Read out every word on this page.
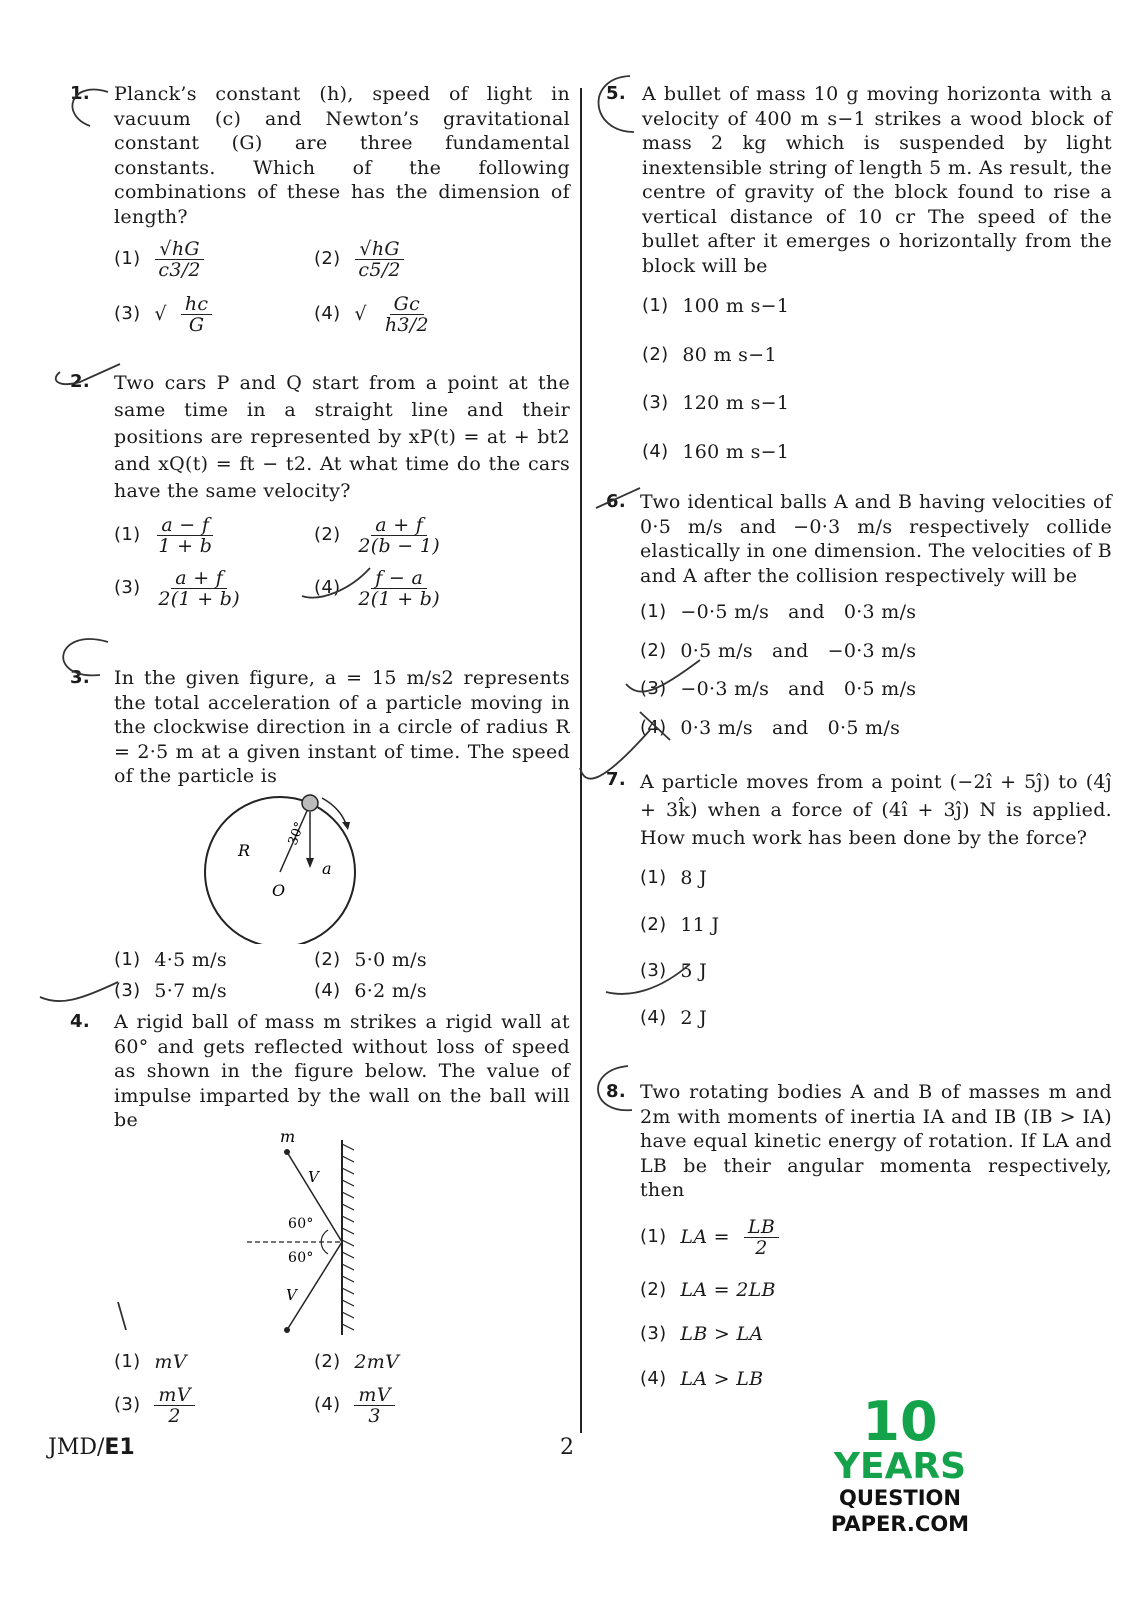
1. Planck’s constant (h), speed of light in vacuum (c) and Newton’s gravitational constant (G) are three fundamental constants. Which of the following combinations of these has the dimension of length?
$(1) \frac{√hG}{c3/2}$	$(2) \frac{√hG}{c5/2}$
(3) √ $\frac{hc}{G}$	(4) √ $\frac{Gc}{h3/2}$
2. Two cars P and Q start from a point at the same time in a straight line and their positions are represented by xP(t) = at + bt2 and xQ(t) = ft − t2. At what time do the cars have the same velocity?
$(1) \frac{a - f}{1 + b}$	$(2) \frac{a + f}{2(b - 1)}$
$(3) \frac{a + f}{2(1 + b)}$	$(4) \frac{f - a}{2(1 + b)}$
3. In the given figure, a = 15 m/s2 represents the total acceleration of a particle moving in the clockwise direction in a circle of radius R = 2·5 m at a given instant of time. The speed of the particle is
R
O
a
30°
(1) 4·5 m/s	(2) 5·0 m/s
(3) 5·7 m/s	(4) 6·2 m/s
4. A rigid ball of mass m strikes a rigid wall at 60° and gets reflected without loss of speed as shown in the figure below. The value of impulse imparted by the wall on the ball will be
m
V
V
60°
60°
(1) mV	(2) 2mV
$(3) \frac{mV}{2}$	$(4) \frac{mV}{3}$
5. A bullet of mass 10 g moving horizonta with a velocity of 400 m s−1 strikes a wood block of mass 2 kg which is suspended by light inextensible string of length 5 m. As result, the centre of gravity of the block found to rise a vertical distance of 10 cr The speed of the bullet after it emerges o horizontally from the block will be
(1) 100 m s−1
(2) 80 m s−1
(3) 120 m s−1
(4) 160 m s−1
6. Two identical balls A and B having velocities of 0·5 m/s and −0·3 m/s respectively collide elastically in one dimension. The velocities of B and A after the collision respectively will be
(1) −0·5 m/s   and   0·3 m/s
(2) 0·5 m/s   and   −0·3 m/s
(3) −0·3 m/s   and   0·5 m/s
(4) 0·3 m/s   and   0·5 m/s
7. A particle moves from a point (−2î + 5ĵ) to (4ĵ + 3k̂) when a force of (4î + 3ĵ) N is applied. How much work has been done by the force?
(1) 8 J
(2) 11 J
(3) 5 J
(4) 2 J
8. Two rotating bodies A and B of masses m and 2m with moments of inertia IA and IB (IB > IA) have equal kinetic energy of rotation. If LA and LB be their angular momenta respectively, then
(1) LA = $\frac{LB}{2}$
(2) LA = 2LB
(3) LB > LA
(4) LA > LB
JMD/E1	2	10
YEARS
QUESTION PAPER.COM
